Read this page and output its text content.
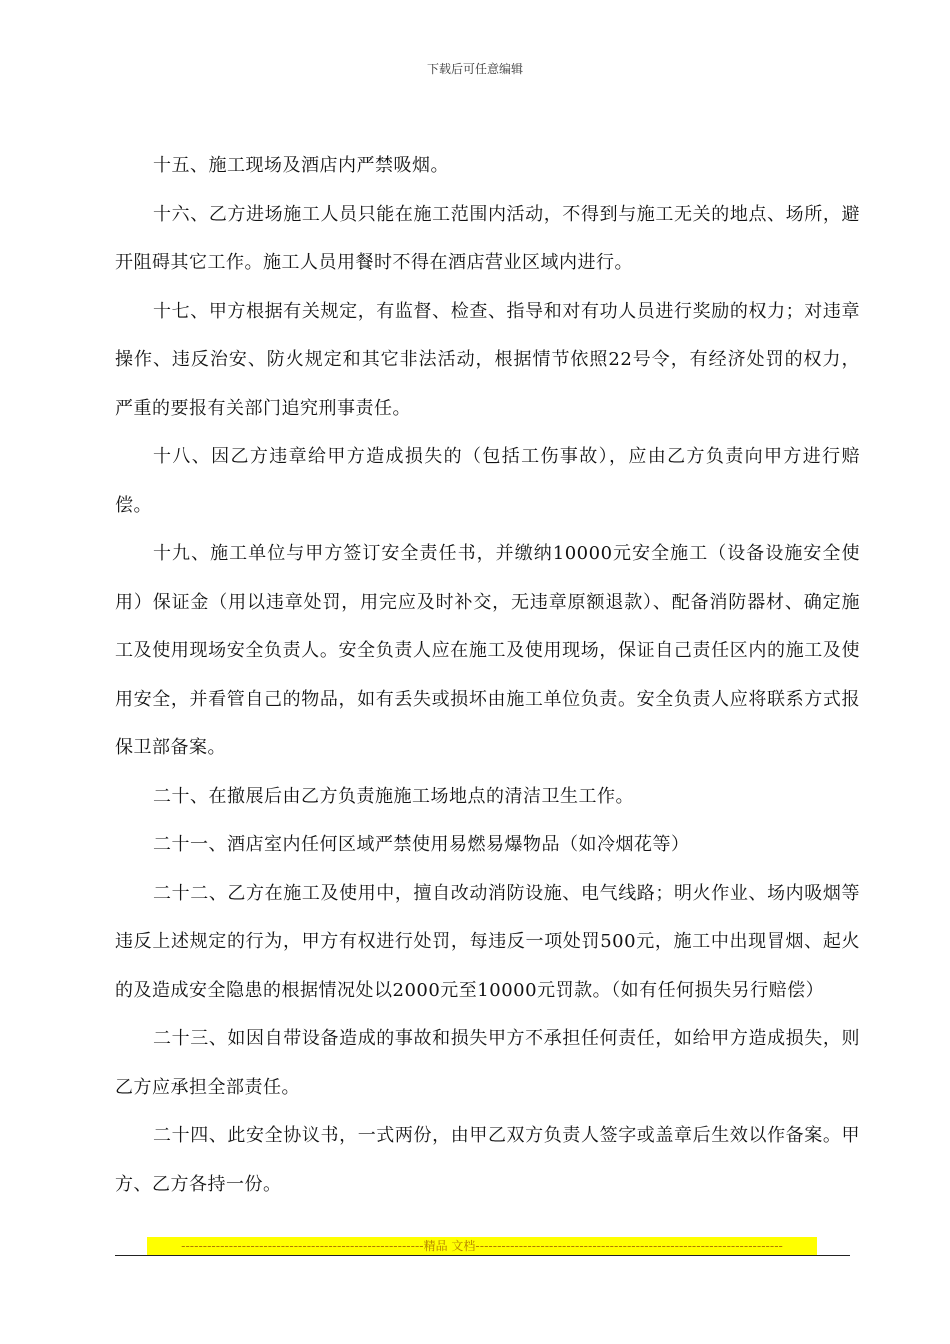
下载后可任意编辑

十五、施工现场及酒店内严禁吸烟。

十六、乙方进场施工人员只能在施工范围内活动，不得到与施工无关的地点、场所，避开阻碍其它工作。施工人员用餐时不得在酒店营业区域内进行。

十七、甲方根据有关规定，有监督、检查、指导和对有功人员进行奖励的权力；对违章操作、违反治安、防火规定和其它非法活动，根据情节依照22号令，有经济处罚的权力，严重的要报有关部门追究刑事责任。

十八、因乙方违章给甲方造成损失的（包括工伤事故），应由乙方负责向甲方进行赔偿。

十九、施工单位与甲方签订安全责任书，并缴纳10000元安全施工（设备设施安全使用）保证金（用以违章处罚，用完应及时补交，无违章原额退款）、配备消防器材、确定施工及使用现场安全负责人。安全负责人应在施工及使用现场，保证自己责任区内的施工及使用安全，并看管自己的物品，如有丢失或损坏由施工单位负责。安全负责人应将联系方式报保卫部备案。

二十、在撤展后由乙方负责施施工场地点的清洁卫生工作。

二十一、酒店室内任何区域严禁使用易燃易爆物品（如冷烟花等）

二十二、乙方在施工及使用中，擅自改动消防设施、电气线路；明火作业、场内吸烟等违反上述规定的行为，甲方有权进行处罚，每违反一项处罚500元，施工中出现冒烟、起火的及造成安全隐患的根据情况处以2000元至10000元罚款。（如有任何损失另行赔偿）

二十三、如因自带设备造成的事故和损失甲方不承担任何责任，如给甲方造成损失，则乙方应承担全部责任。

二十四、此安全协议书，一式两份，由甲乙双方负责人签字或盖章后生效以作备案。甲方、乙方各持一份。

--------------------------------------------------------精品 文档-----------------------------------------------------------------------
